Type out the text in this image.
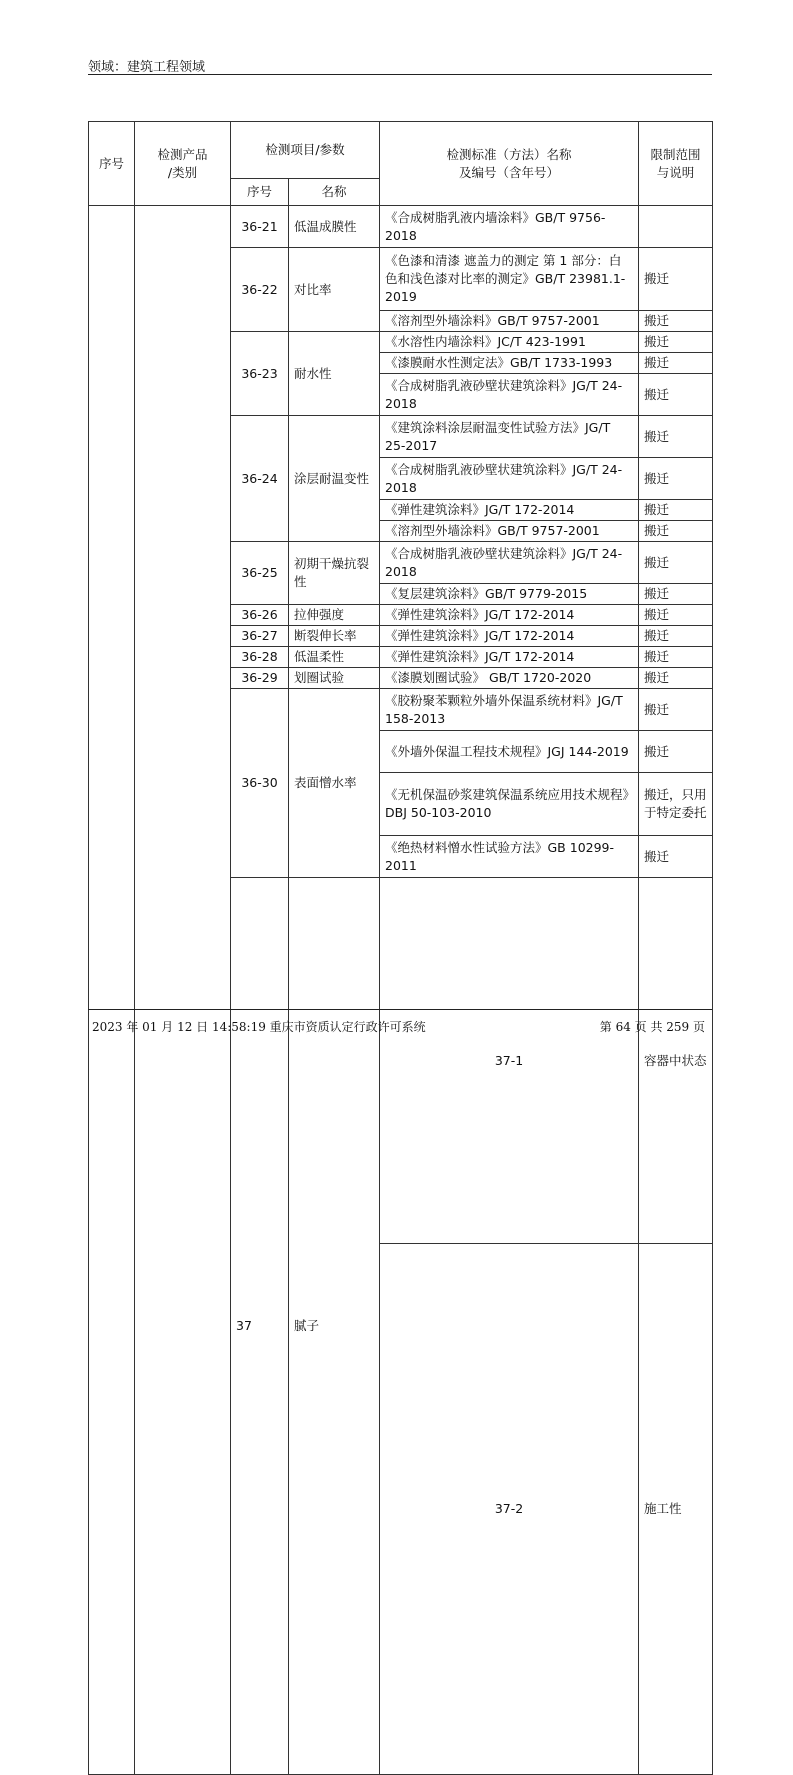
领域：建筑工程领域
序号	检测产品
/类别	检测项目/参数		检测标准（方法）名称
及编号（含年号）	限制范围
与说明	
		序号	名称			
		36-21	低温成膜性	《合成树脂乳液内墙涂料》GB/T 9756-2018		
		36-22	对比率	《色漆和清漆 遮盖力的测定 第 1 部分：白色和浅色漆对比率的测定》GB/T 23981.1-2019	搬迁	
				《溶剂型外墙涂料》GB/T 9757-2001	搬迁	
		36-23	耐水性	《水溶性内墙涂料》JC/T 423-1991	搬迁	
				《漆膜耐水性测定法》GB/T 1733-1993	搬迁	
				《合成树脂乳液砂壁状建筑涂料》JG/T 24-2018	搬迁	
		36-24	涂层耐温变性	《建筑涂料涂层耐温变性试验方法》JG/T 25-2017	搬迁	
				《合成树脂乳液砂壁状建筑涂料》JG/T 24-2018	搬迁	
				《弹性建筑涂料》JG/T 172-2014	搬迁	
				《溶剂型外墙涂料》GB/T 9757-2001	搬迁	
		36-25	初期干燥抗裂性	《合成树脂乳液砂壁状建筑涂料》JG/T 24-2018	搬迁	
				《复层建筑涂料》GB/T 9779-2015	搬迁	
		36-26	拉伸强度	《弹性建筑涂料》JG/T 172-2014	搬迁	
		36-27	断裂伸长率	《弹性建筑涂料》JG/T 172-2014	搬迁	
		36-28	低温柔性	《弹性建筑涂料》JG/T 172-2014	搬迁	
		36-29	划圈试验	《漆膜划圈试验》 GB/T 1720-2020	搬迁	
		36-30	表面憎水率	《胶粉聚苯颗粒外墙外保温系统材料》JG/T 158-2013	搬迁	
				《外墙外保温工程技术规程》JGJ 144-2019	搬迁	
				《无机保温砂浆建筑保温系统应用技术规程》DBJ 50-103-2010	搬迁，只用于特定委托	
				《绝热材料憎水性试验方法》GB 10299-2011	搬迁	
		37	腻子	37-1	容器中状态		

				37-2	施工性		

2023 年 01 月 12 日 14:58:19 重庆市资质认定行政许可系统	第 64 页 共 259 页
